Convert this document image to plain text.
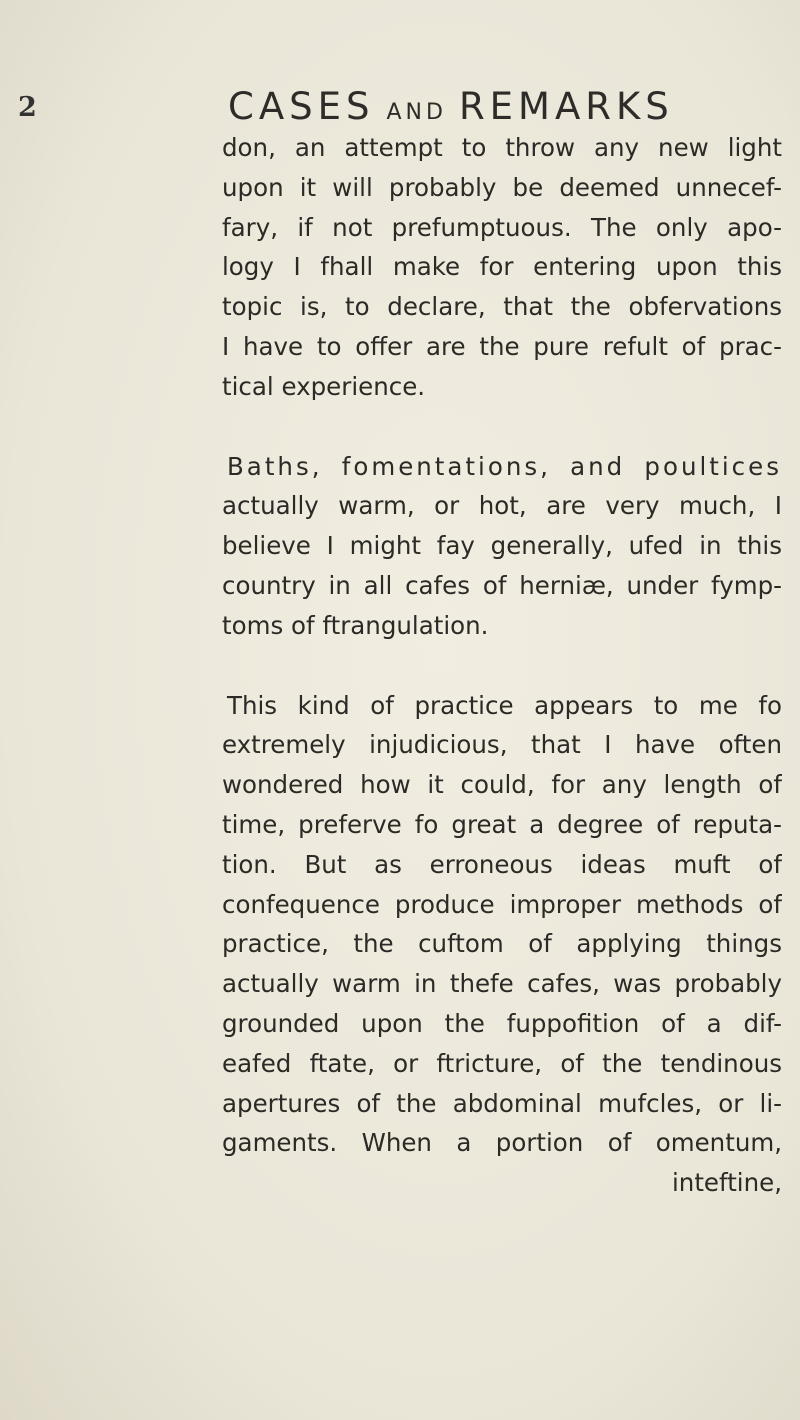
2	CASES AND REMARKS
don, an attempt to throw any new light
upon it will probably be deemed unnecef-
fary, if not prefumptuous. The only apo-
logy I fhall make for entering upon this
topic is, to declare, that the obfervations
I have to offer are the pure refult of prac-
tical experience.
Baths, fomentations, and poultices
actually warm, or hot, are very much, I
believe I might fay generally, ufed in this
country in all cafes of herniæ, under fymp-
toms of ftrangulation.
This kind of practice appears to me fo
extremely injudicious, that I have often
wondered how it could, for any length of
time, preferve fo great a degree of reputa-
tion. But as erroneous ideas muft of
confequence produce improper methods of
practice, the cuftom of applying things
actually warm in thefe cafes, was probably
grounded upon the fuppofition of a dif-
eafed ftate, or ftricture, of the tendinous
apertures of the abdominal mufcles, or li-
gaments. When a portion of omentum,
inteftine,
